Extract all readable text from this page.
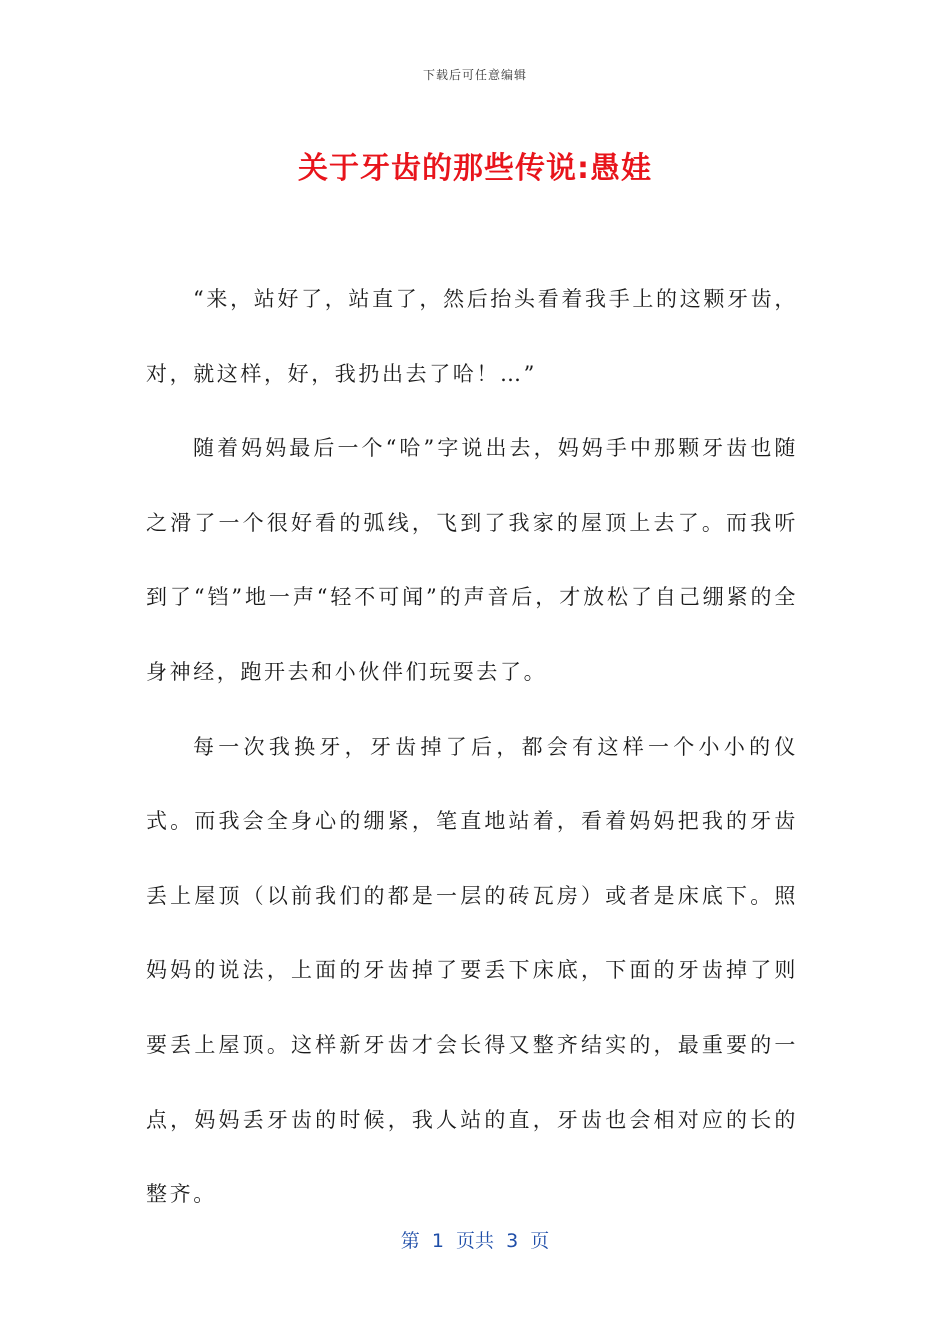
下载后可任意编辑
关于牙齿的那些传说:愚娃

“来，站好了，站直了，然后抬头看着我手上的这颗牙齿，对，就这样，好，我扔出去了哈！…”

随着妈妈最后一个“哈”字说出去，妈妈手中那颗牙齿也随之滑了一个很好看的弧线，飞到了我家的屋顶上去了。而我听到了“铛”地一声“轻不可闻”的声音后，才放松了自己绷紧的全身神经，跑开去和小伙伴们玩耍去了。

每一次我换牙，牙齿掉了后，都会有这样一个小小的仪式。而我会全身心的绷紧，笔直地站着，看着妈妈把我的牙齿丢上屋顶（以前我们的都是一层的砖瓦房）或者是床底下。照妈妈的说法，上面的牙齿掉了要丢下床底，下面的牙齿掉了则要丢上屋顶。这样新牙齿才会长得又整齐结实的，最重要的一点，妈妈丢牙齿的时候，我人站的直，牙齿也会相对应的长的整齐。

第  1  页共  3  页
